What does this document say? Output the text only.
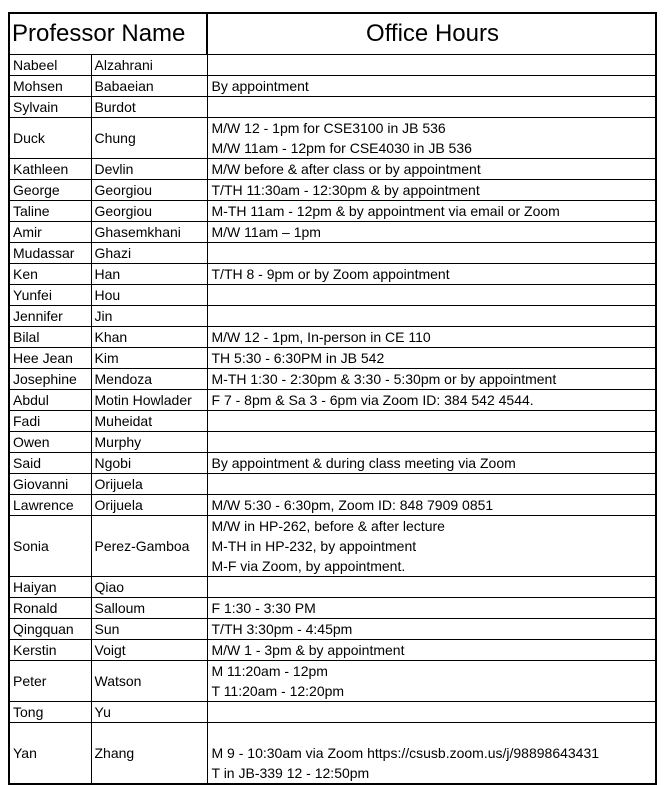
Professor Name		Office Hours
Nabeel	Alzahrani	
Mohsen	Babaeian	By appointment

Sylvain	Burdot	
Duck	Chung	M/W 12 - 1pm for CSE3100 in JB 536
M/W 11am - 12pm for CSE4030 in JB 536

Kathleen	Devlin	M/W before & after class or by appointment

George	Georgiou	T/TH 11:30am - 12:30pm & by appointment

Taline	Georgiou	M-TH 11am - 12pm & by appointment via email or Zoom

Amir	Ghasemkhani	M/W 11am – 1pm

Mudassar	Ghazi	
Ken	Han	T/TH 8 - 9pm or by Zoom appointment

Yunfei	Hou	
Jennifer	Jin	
Bilal	Khan	M/W 12 - 1pm, In-person in CE 110

Hee Jean	Kim	TH 5:30 - 6:30PM in JB 542

Josephine	Mendoza	M-TH 1:30 - 2:30pm & 3:30 - 5:30pm or by appointment

Abdul	Motin Howlader	F 7 - 8pm & Sa 3 - 6pm via Zoom ID: 384 542 4544.

Fadi	Muheidat	
Owen	Murphy	
Said	Ngobi	By appointment & during class meeting via Zoom

Giovanni	Orijuela	
Lawrence	Orijuela	M/W 5:30 - 6:30pm, Zoom ID: 848 7909 0851

Sonia	Perez-Gamboa	M/W in HP-262, before & after lecture
M-TH in HP-232, by appointment
M-F via Zoom, by appointment.

Haiyan	Qiao	
Ronald	Salloum	F 1:30 - 3:30 PM

Qingquan	Sun	T/TH 3:30pm - 4:45pm

Kerstin	Voigt	M/W 1 - 3pm & by appointment

Peter	Watson	M 11:20am - 12pm
T 11:20am - 12:20pm

Tong	Yu	
Yan	Zhang	M 9 - 10:30am via Zoom https://csusb.zoom.us/j/98898643431
T in JB-339 12 - 12:50pm
